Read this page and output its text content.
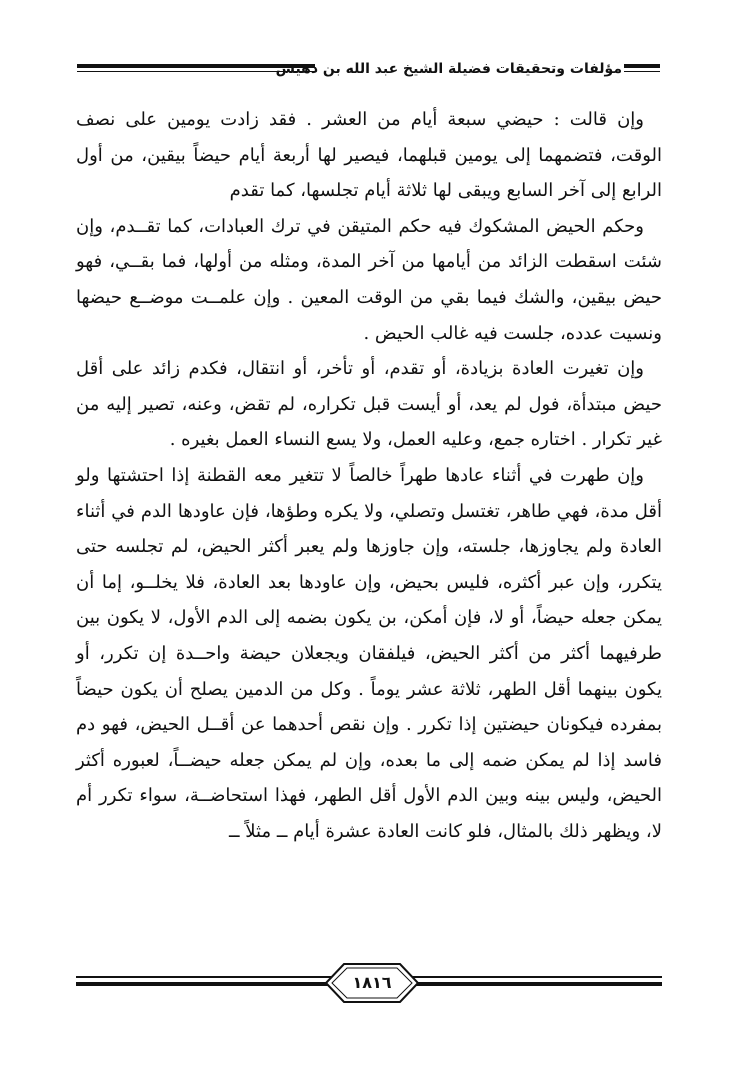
مؤلفات وتحقيقات فضيلة الشيخ عبد الله بن دهيش

وإن قالت : حيضي سبعة أيام من العشر . فقد زادت يومين على نصف الوقت، فتضمهما إلى يومين قبلهما، فيصير لها أربعة أيام حيضاً بيقين، من أول الرابع إلى آخر السابع ويبقى لها ثلاثة أيام تجلسها، كما تقدم

وحكم الحيض المشكوك فيه حكم المتيقن في ترك العبادات، كما تقــدم، وإن شئت اسقطت الزائد من أيامها من آخر المدة، ومثله من أولها، فما بقــي، فهو حيض بيقين، والشك فيما بقي من الوقت المعين . وإن علمــت موضــع حيضها ونسيت عدده، جلست فيه غالب الحيض .

وإن تغيرت العادة بزيادة، أو تقدم، أو تأخر، أو انتقال، فكدم زائد على أقل حيض مبتدأة، فول لم يعد، أو أيست قبل تكراره، لم تقض، وعنه، تصير إليه من غير تكرار . اختاره جمع، وعليه العمل، ولا يسع النساء العمل بغيره .

وإن طهرت في أثناء عادها طهراً خالصاً لا تتغير معه القطنة إذا احتشتها ولو أقل مدة، فهي طاهر، تغتسل وتصلي، ولا يكره وطؤها، فإن عاودها الدم في أثناء العادة ولم يجاوزها، جلسته، وإن جاوزها ولم يعبر أكثر الحيض، لم تجلسه حتى يتكرر، وإن عبر أكثره، فليس بحيض، وإن عاودها بعد العادة، فلا يخلــو، إما أن يمكن جعله حيضاً، أو لا، فإن أمكن، بن يكون بضمه إلى الدم الأول، لا يكون بين طرفيهما أكثر من أكثر الحيض، فيلفقان ويجعلان حيضة واحــدة إن تكرر، أو يكون بينهما أقل الطهر، ثلاثة عشر يوماً . وكل من الدمين يصلح أن يكون حيضاً بمفرده فيكونان حيضتين إذا تكرر . وإن نقص أحدهما عن أقــل الحيض، فهو دم فاسد إذا لم يمكن ضمه إلى ما بعده، وإن لم يمكن جعله حيضــاً، لعبوره أكثر الحيض، وليس بينه وبين الدم الأول أقل الطهر، فهذا استحاضــة، سواء تكرر أم لا، ويظهر ذلك بالمثال، فلو كانت العادة عشرة أيام ــ مثلاً ــ

١٨١٦
